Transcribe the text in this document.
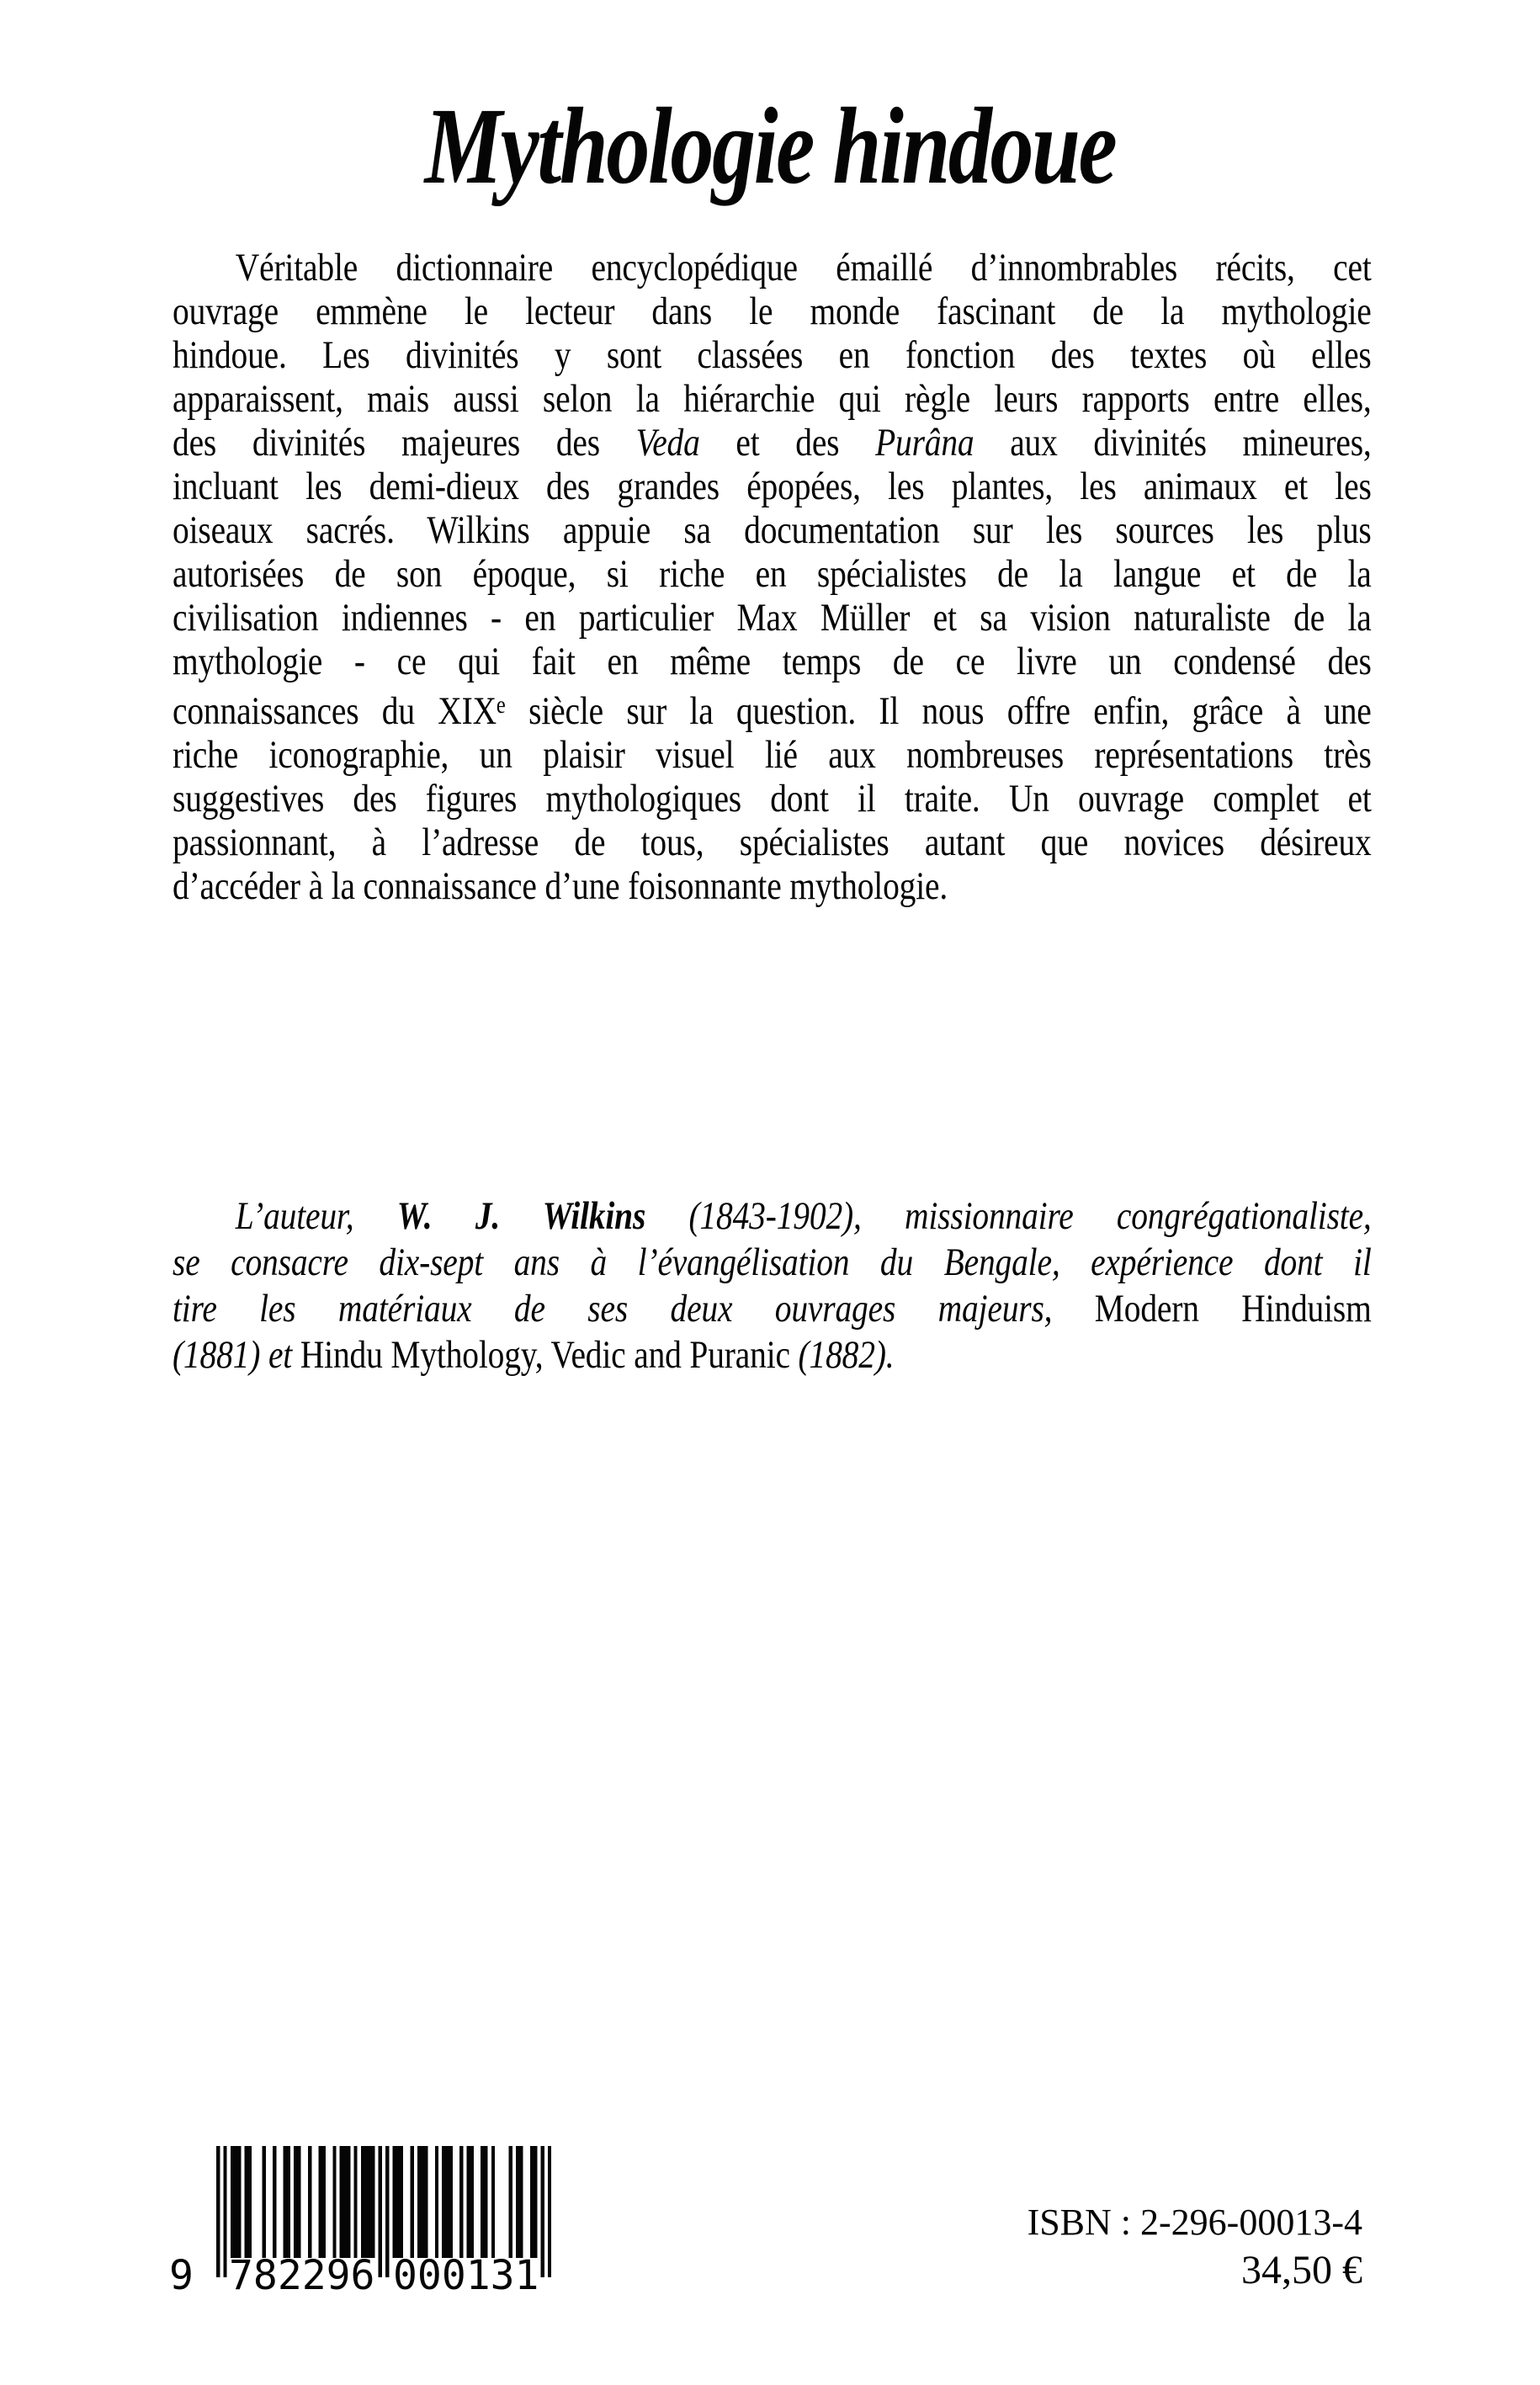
Mythologie hindoue
Véritable dictionnaire encyclopédique émaillé d’innombrables récits, cet
ouvrage emmène le lecteur dans le monde fascinant de la mythologie
hindoue. Les divinités y sont classées en fonction des textes où elles
apparaissent, mais aussi selon la hiérarchie qui règle leurs rapports entre elles,
des divinités majeures des Veda et des Purâna aux divinités mineures,
incluant les demi-dieux des grandes épopées, les plantes, les animaux et les
oiseaux sacrés. Wilkins appuie sa documentation sur les sources les plus
autorisées de son époque, si riche en spécialistes de la langue et de la
civilisation indiennes - en particulier Max Müller et sa vision naturaliste de la
mythologie - ce qui fait en même temps de ce livre un condensé des
connaissances du XIXe siècle sur la question. Il nous offre enfin, grâce à une
riche iconographie, un plaisir visuel lié aux nombreuses représentations très
suggestives des figures mythologiques dont il traite. Un ouvrage complet et
passionnant, à l’adresse de tous, spécialistes autant que novices désireux
d’accéder à la connaissance d’une foisonnante mythologie.
L’auteur, W. J. Wilkins (1843-1902), missionnaire congrégationaliste,
se consacre dix-sept ans à l’évangélisation du Bengale, expérience dont il
tire les matériaux de ses deux ouvrages majeurs, Modern Hinduism
(1881) et Hindu Mythology, Vedic and Puranic (1882).
9 7 8 2 2 9 6 0 0 0 1 3 1
ISBN : 2-296-00013-4
34,50 €
